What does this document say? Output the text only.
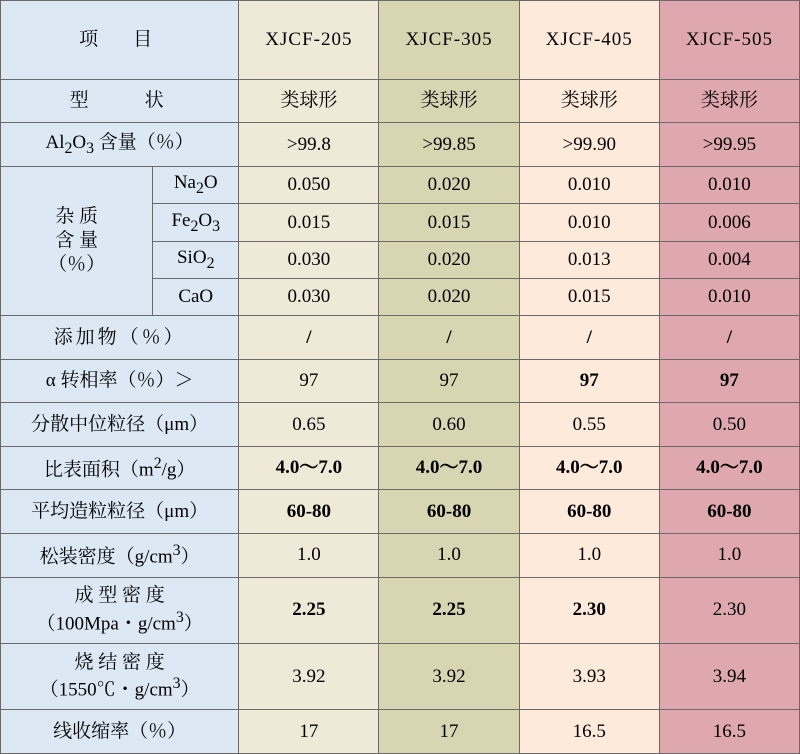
项　目		XJCF-205	XJCF-305	XJCF-405	XJCF-505
型　　状		类球形	类球形	类球形	类球形
$Al_2O_3$ 含量（％）		>99.8	>99.85	>99.90	>99.95

杂 质
含 量
（％）	$Na_2O$	0.050	0.020	0.010	0.010
	$Fe_2O_3$	0.015	0.015	0.010	0.006
	SiO$_2$	0.030	0.020	0.013	0.004
	CaO	0.030	0.020	0.015	0.010
添加物（％）		/	/	/	/
α 转相率（％）＞		97	97	97	97
分散中位粒径（μm）		0.65	0.60	0.55	0.50
比表面积$(m^2/g)$		4.0～7.0	4.0～7.0	4.0～7.0	4.0～7.0
平均造粒粒径（μm）		60-80	60-80	60-80	60-80
松装密度$(g/cm^3)$		1.0	1.0	1.0	1.0
成 型 密 度
（100Mpa・$g/cm^3$）		2.25	2.25	2.30	2.30
烧 结 密 度
（1550℃・$g/cm^3$）		3.92	3.92	3.93	3.94
线收缩率（％）		17	17	16.5	16.5
